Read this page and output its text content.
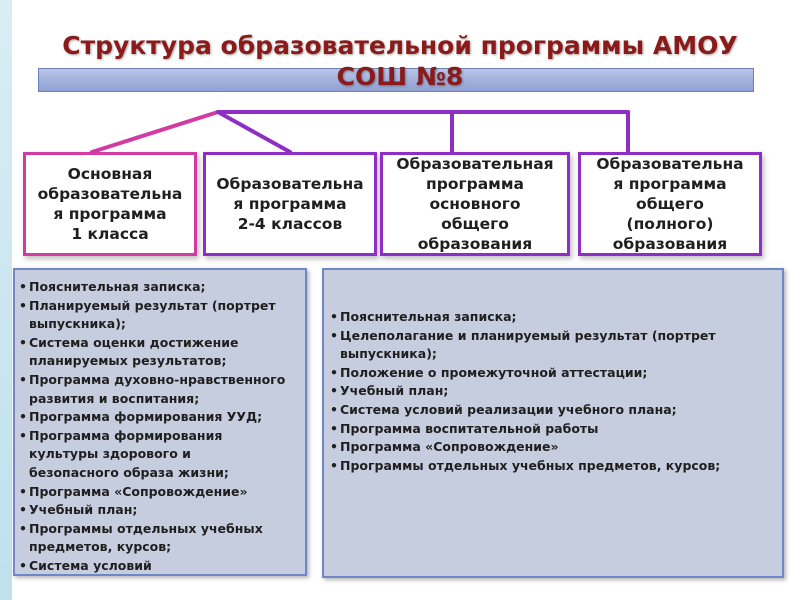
Структура образовательной программы АМОУ
СОШ №8
Основная
образовательна
я программа
1 класса
Образовательна
я программа
2-4 классов
Образовательная
программа
основного
общего
образования
Образовательна
я программа
общего
(полного)
образования
• Пояснительная записка;
• Планируемый результат (портрет
выпускника);
• Система оценки достижение
планируемых результатов;
• Программа духовно-нравственного
развития и воспитания;
• Программа формирования УУД;
• Программа формирования
культуры здорового и
безопасного образа жизни;
• Программа «Сопровождение»
• Учебный план;
• Программы отдельных учебных
предметов, курсов;
• Система условий
• Пояснительная записка;
• Целеполагание и планируемый результат (портрет
выпускника);
• Положение о промежуточной аттестации;
• Учебный план;
• Система условий реализации учебного плана;
• Программа воспитательной работы
• Программа «Сопровождение»
• Программы отдельных учебных предметов, курсов;
